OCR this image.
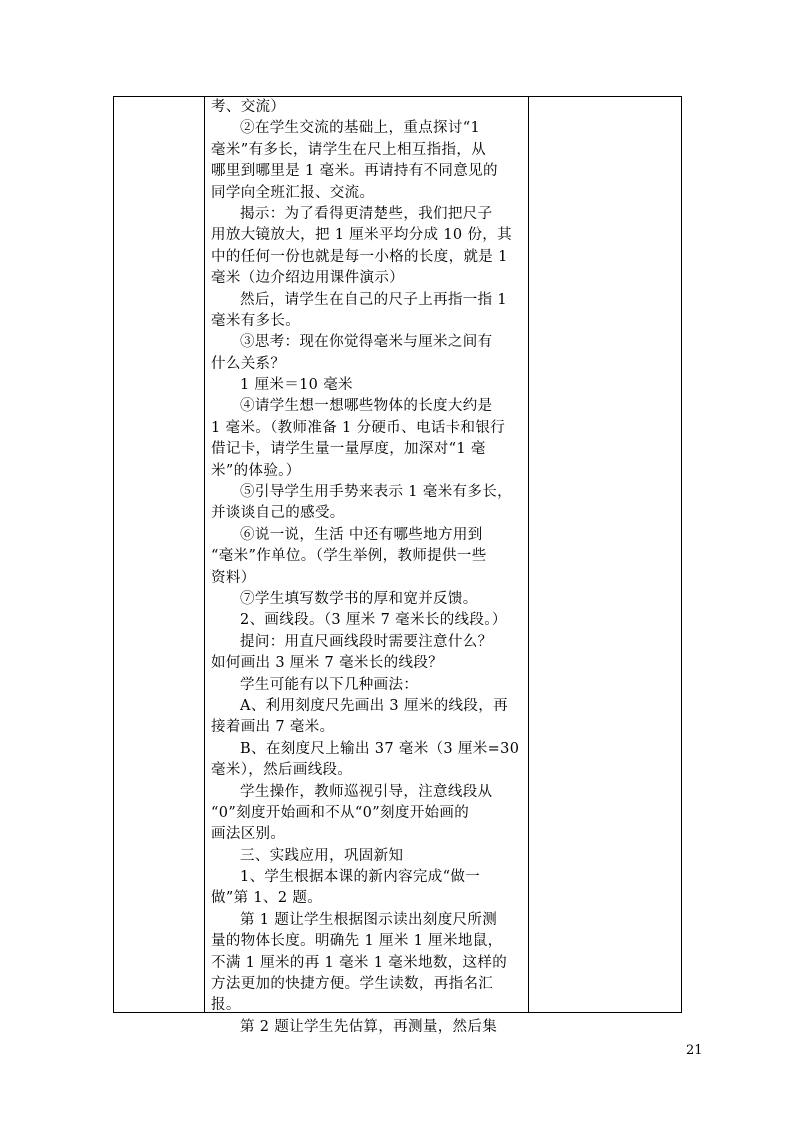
考、交流）
②在学生交流的基础上，重点探讨“1
毫米”有多长，请学生在尺上相互指指，从
哪里到哪里是 1 毫米。再请持有不同意见的
同学向全班汇报、交流。
揭示：为了看得更清楚些，我们把尺子
用放大镜放大，把 1 厘米平均分成 10 份，其
中的任何一份也就是每一小格的长度，就是 1
毫米（边介绍边用课件演示）
然后，请学生在自己的尺子上再指一指 1
毫米有多长。
③思考：现在你觉得毫米与厘米之间有
什么关系？
1 厘米＝10 毫米
④请学生想一想哪些物体的长度大约是
1 毫米。（教师准备 1 分硬币、电话卡和银行
借记卡，请学生量一量厚度，加深对“1 毫
米”的体验。）
⑤引导学生用手势来表示 1 毫米有多长，
并谈谈自己的感受。
⑥说一说，生活 中还有哪些地方用到
“毫米”作单位。（学生举例，教师提供一些
资料）
⑦学生填写数学书的厚和宽并反馈。
2、画线段。（3 厘米 7 毫米长的线段。）
提问：用直尺画线段时需要注意什么？
如何画出 3 厘米 7 毫米长的线段？
学生可能有以下几种画法：
A、利用刻度尺先画出 3 厘米的线段，再
接着画出 7 毫米。
B、在刻度尺上输出 37 毫米（3 厘米=30
毫米），然后画线段。
学生操作，教师巡视引导，注意线段从
“0”刻度开始画和不从“0”刻度开始画的
画法区别。
三、实践应用，巩固新知
1、学生根据本课的新内容完成“做一
做”第 1、2 题。
第 1 题让学生根据图示读出刻度尺所测
量的物体长度。明确先 1 厘米 1 厘米地鼠，
不满 1 厘米的再 1 毫米 1 毫米地数，这样的
方法更加的快捷方便。学生读数，再指名汇
报。
第 2 题让学生先估算，再测量，然后集
21
